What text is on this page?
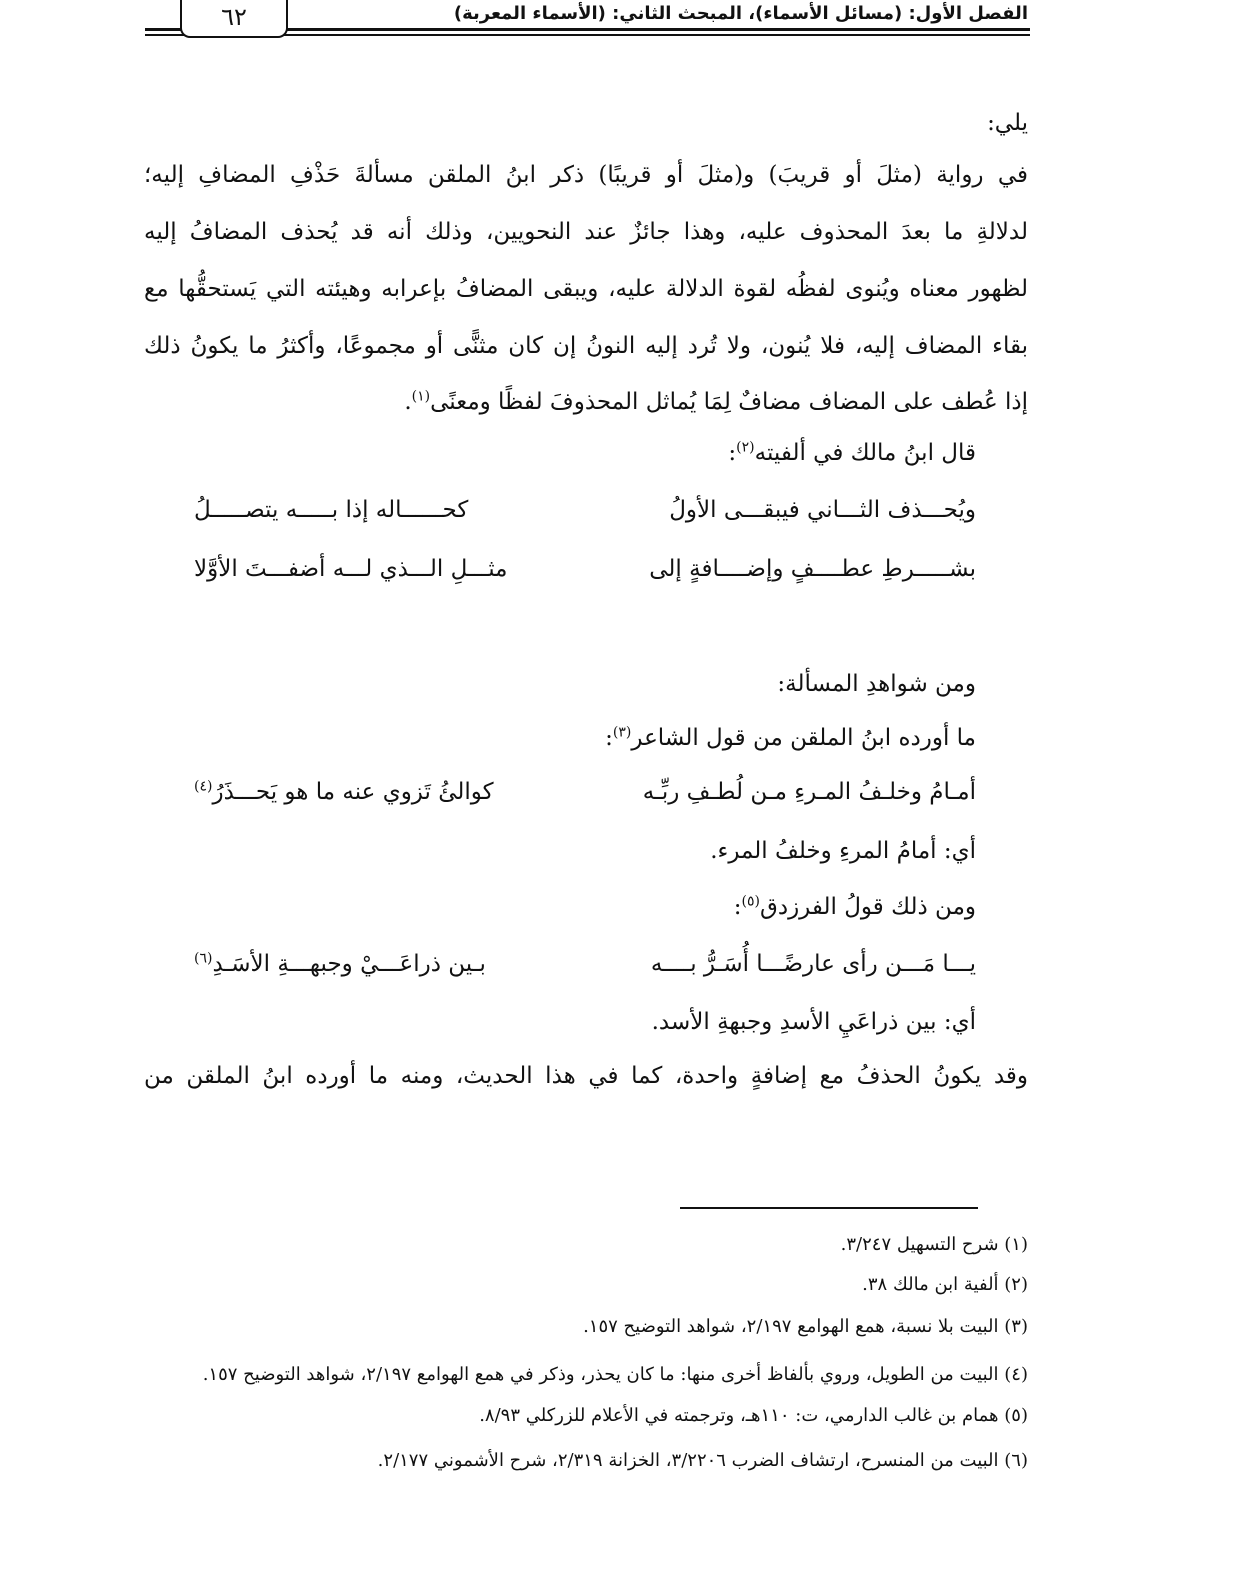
الفصل الأول: (مسائل الأسماء)، المبحث الثاني: (الأسماء المعربة)
٦٢
يلي:
في رواية (مثلَ أو قريبَ) و(مثلَ أو قريبًا) ذكر ابنُ الملقن مسألةَ حَذْفِ المضافِ إليه؛
لدلالةِ ما بعدَ المحذوف عليه، وهذا جائزٌ عند النحويين، وذلك أنه قد يُحذف المضافُ إليه
لظهور معناه ويُنوى لفظُه لقوة الدلالة عليه، ويبقى المضافُ بإعرابه وهيئته التي يَستحقُّها مع
بقاء المضاف إليه، فلا يُنون، ولا تُرد إليه النونُ إن كان مثنًّى أو مجموعًا، وأكثرُ ما يكونُ ذلك
إذا عُطف على المضاف مضافٌ لِمَا يُماثل المحذوفَ لفظًا ومعنًى$^{(١)}$.
قال ابنُ مالك في ألفيته$^{(٢)}$:
ويُحـــذف الثـــاني فيبقـــى الأولُ
كحــــــاله إذا بـــــه يتصـــــلُ
بشـــــرطِ عطــــفٍ وإضــــافةٍ إلى
مثـــلِ الـــذي لـــه أضفـــتَ الأوَّلا
ومن شواهدِ المسألة:
ما أورده ابنُ الملقن من قول الشاعر$^{(٣)}$:
أمـامُ وخلـفُ المـرءِ مـن لُطـفِ ربِّـه
كوالئُ تَزوي عنه ما هو يَحـــذَرُ$^{(٤)}$
أي: أمامُ المرءِ وخلفُ المرء.
ومن ذلك قولُ الفرزدق$^{(٥)}$:
يـــا مَـــن رأى عارضًـــا أُسَـرُّ بــــه
بـين ذراعَـــيْ وجبهـــةِ الأسَـدِ$^{(٦)}$
أي: بين ذراعَيِ الأسدِ وجبهةِ الأسد.
وقد يكونُ الحذفُ مع إضافةٍ واحدة، كما في هذا الحديث، ومنه ما أورده ابنُ الملقن من
(١) شرح التسهيل ٣/٢٤٧.
(٢) ألفية ابن مالك ٣٨.
(٣) البيت بلا نسبة، همع الهوامع ٢/١٩٧، شواهد التوضيح ١٥٧.
(٤) البيت من الطويل، وروي بألفاظ أخرى منها: ما كان يحذر، وذكر في همع الهوامع ٢/١٩٧، شواهد التوضيح ١٥٧.
(٥) همام بن غالب الدارمي، ت: ١١٠هـ، وترجمته في الأعلام للزركلي ٨/٩٣.
(٦) البيت من المنسرح، ارتشاف الضرب ٣/٢٢٠٦، الخزانة ٢/٣١٩، شرح الأشموني ٢/١٧٧.
